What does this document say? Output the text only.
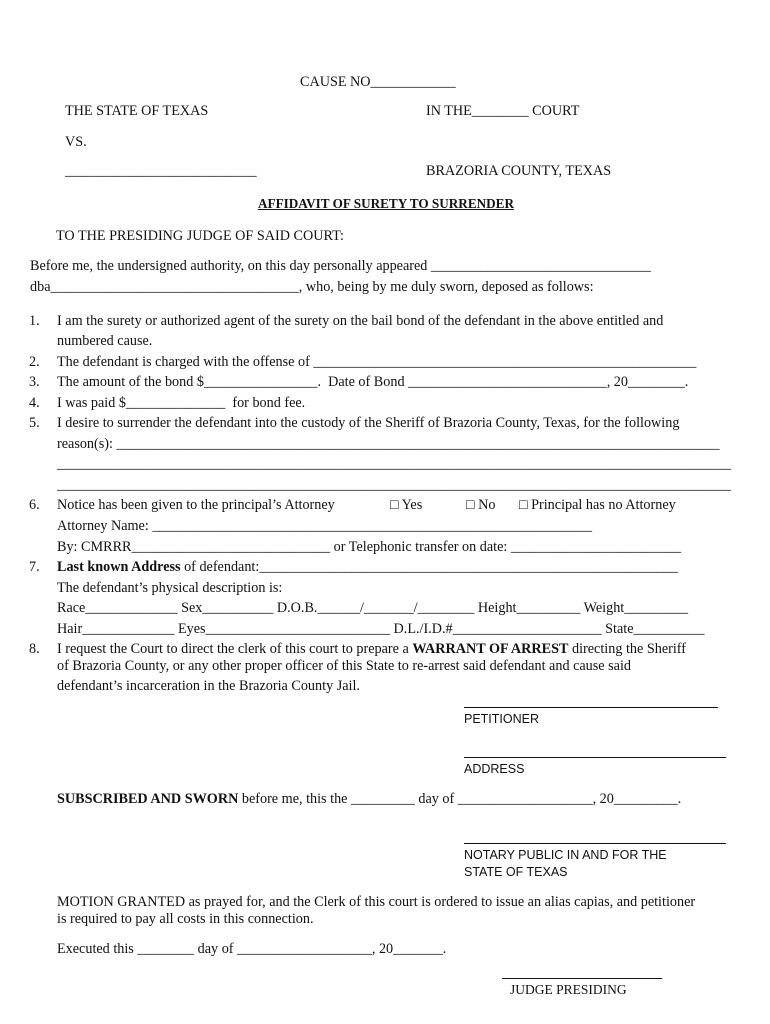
CAUSE NO____________
THE STATE OF TEXAS	IN THE________ COURT
VS.
___________________________	BRAZORIA COUNTY, TEXAS
AFFIDAVIT OF SURETY TO SURRENDER
TO THE PRESIDING JUDGE OF SAID COURT:
Before me, the undersigned authority, on this day personally appeared _______________________________
dba___________________________________, who, being by me duly sworn, deposed as follows:
1.	I am the surety or authorized agent of the surety on the bail bond of the defendant in the above entitled and
numbered cause.
2.	The defendant is charged with the offense of ______________________________________________________
3.	The amount of the bond $________________.  Date of Bond ____________________________, 20________.
4.	I was paid $______________  for bond fee.
5.	I desire to surrender the defendant into the custody of the Sheriff of Brazoria County, Texas, for the following
reason(s): _____________________________________________________________________________________
_______________________________________________________________________________________________
_______________________________________________________________________________________________
6.	Notice has been given to the principal’s Attorney	□ Yes	□ No □ Principal has no Attorney
Attorney Name: ______________________________________________________________
By: CMRRR____________________________ or Telephonic transfer on date: ________________________
7.	Last known Address of defendant:___________________________________________________________
The defendant’s physical description is:
Race_____________ Sex__________ D.O.B.______/_______/________ Height_________ Weight_________
Hair_____________ Eyes__________________________ D.L./I.D.#_____________________ State__________
8.	I request the Court to direct the clerk of this court to prepare a WARRANT OF ARREST directing the Sheriff
of Brazoria County, or any other proper officer of this State to re-arrest said defendant and cause said
defendant’s incarceration in the Brazoria County Jail.
PETITIONER
ADDRESS
SUBSCRIBED AND SWORN before me, this the _________ day of ___________________, 20_________.
NOTARY PUBLIC IN AND FOR THE
STATE OF TEXAS
MOTION GRANTED as prayed for, and the Clerk of this court is ordered to issue an alias capias, and petitioner
is required to pay all costs in this connection.
Executed this ________ day of ___________________, 20_______.
JUDGE PRESIDING
